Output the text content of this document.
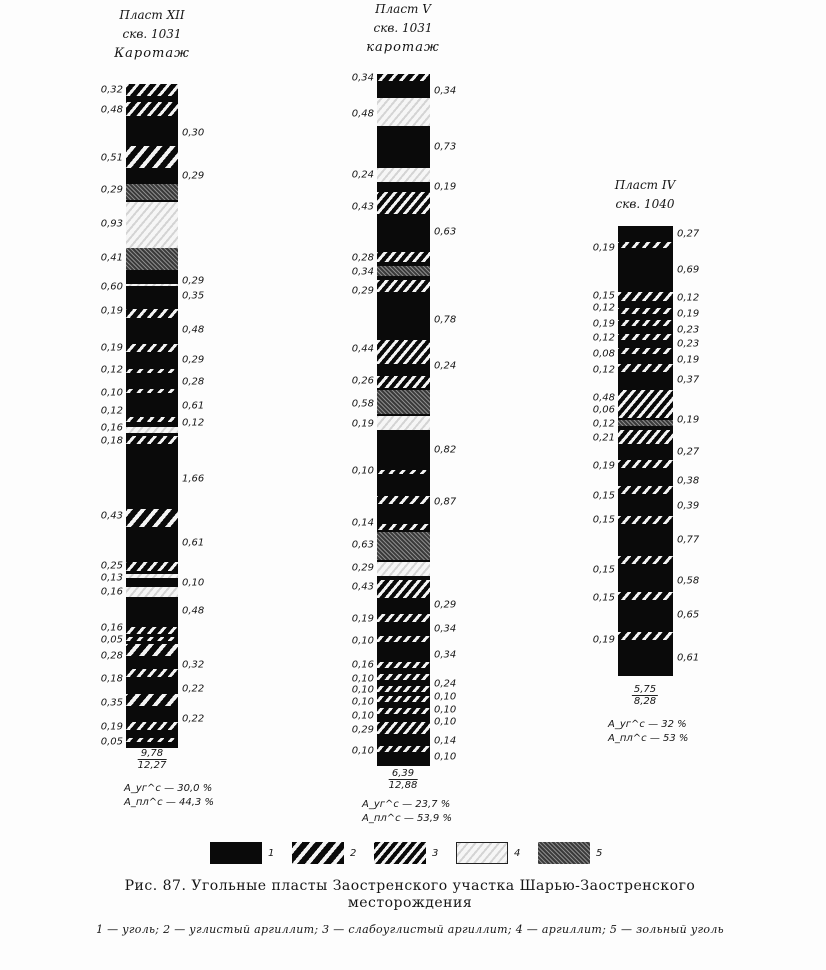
Пласт XII
скв. 1031
Каротаж
Пласт V
скв. 1031
каротаж
Пласт IV
скв. 1040
0,32
0,48
0,51
0,29
0,93
0,41
0,60
0,19
0,19
0,12
0,10
0,12
0,16
0,18
0,43
0,25
0,13
0,16
0,16
0,05
0,28
0,18
0,35
0,19
0,05
0,30
0,29
0,29
0,35
0,48
0,29
0,28
0,61
0,12
1,66
0,61
0,10
0,48
0,32
0,22
0,22
0,34
0,48
0,24
0,43
0,28
0,34
0,29
0,44
0,26
0,58
0,19
0,10
0,14
0,63
0,29
0,43
0,19
0,10
0,16
0,10
0,10
0,10
0,10
0,29
0,10
0,34
0,73
0,19
0,63
0,78
0,24
0,82
0,87
0,29
0,34
0,34
0,24
0,10
0,10
0,10
0,14
0,10
0,19
0,15
0,12
0,19
0,12
0,08
0,12
0,48
0,06
0,12
0,21
0,19
0,15
0,15
0,15
0,15
0,19
0,27
0,69
0,12
0,19
0,23
0,23
0,19
0,37
0,19
0,27
0,38
0,39
0,77
0,58
0,65
0,61
$\frac{9,78}{12,27}$
A_уг^c — 30,0 %
A_пл^c — 44,3 %
$\frac{6,39}{12,88}$
A_уг^c — 23,7 %
A_пл^c — 53,9 %
$\frac{5,75}{8,28}$
A_уг^c — 32 %
A_пл^c — 53 %
1	2	3	4	5
Рис. 87. Угольные пласты Заостренского участка Шарью-Заостренского месторождения
1 — уголь; 2 — углистый аргиллит; 3 — слабоуглистый аргиллит; 4 — аргиллит; 5 — зольный уголь
